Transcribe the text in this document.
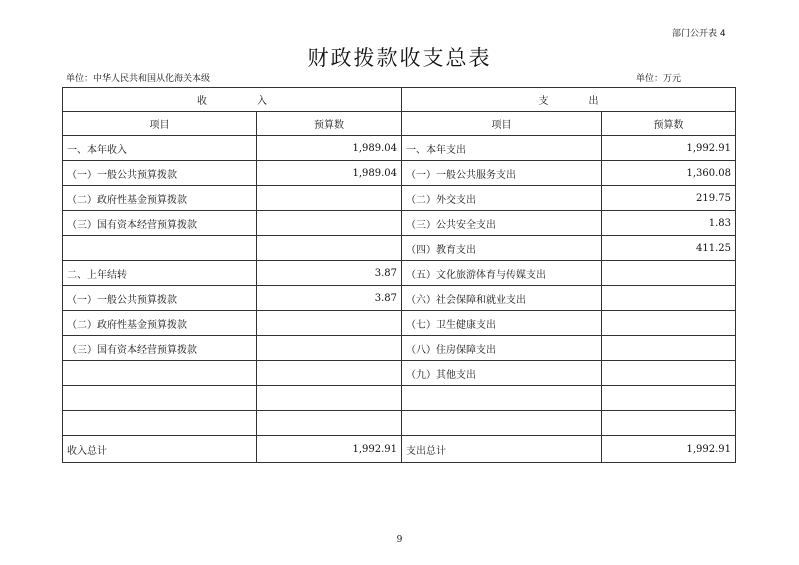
部门公开表 4
财政拨款收支总表
单位：中华人民共和国从化海关本级	单位：万元
收　　　　　入		支　　　　出	
项目	预算数	项目	预算数
一、本年收入	1,989.04	一、本年支出	1,992.91
（一）一般公共预算拨款	1,989.04	（一）一般公共服务支出	1,360.08
（二）政府性基金预算拨款		（二）外交支出	219.75
（三）国有资本经营预算拨款		（三）公共安全支出	1.83
		（四）教育支出	411.25
二、上年结转	3.87	（五）文化旅游体育与传媒支出	
（一）一般公共预算拨款	3.87	（六）社会保障和就业支出	
（二）政府性基金预算拨款		（七）卫生健康支出	
（三）国有资本经营预算拨款		（八）住房保障支出	
		（九）其他支出	

收入总计	1,992.91	支出总计	1,992.91
9
